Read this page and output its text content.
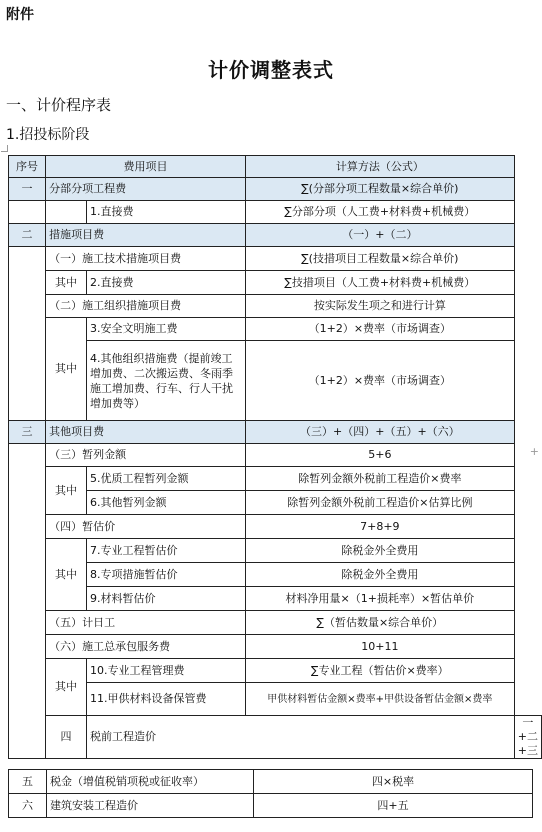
附件
计价调整表式
一、计价程序表
1.招投标阶段
+
序号	费用项目		计算方法（公式）	
一	分部分项工程费		∑(分部分项工程数量×综合单价)	
		1.直接费	∑分部分项（人工费+材料费+机械费）	
二	措施项目费		（一）+（二）	
	（一）施工技术措施项目费		∑(技措项目工程数量×综合单价)	
	其中	2.直接费	∑技措项目（人工费+材料费+机械费）	
	（二）施工组织措施项目费		按实际发生项之和进行计算	
	其中	3.安全文明施工费	（1+2）×费率（市场调查）	
		4.其他组织措施费（提前竣工增加费、二次搬运费、冬雨季施工增加费、行车、行人干扰增加费等）	（1+2）×费率（市场调查）	
三	其他项目费		（三）+（四）+（五）+（六）	
	（三）暂列金额		5+6	
	其中	5.优质工程暂列金额	除暂列金额外税前工程造价×费率	
		6.其他暂列金额	除暂列金额外税前工程造价×估算比例	
	（四）暂估价		7+8+9	
	其中	7.专业工程暂估价	除税金外全费用	
		8.专项措施暂估价	除税金外全费用	
		9.材料暂估价	材料净用量×（1+损耗率）×暂估单价	
	（五）计日工		∑（暂估数量×综合单价）	
	（六）施工总承包服务费		10+11	
	其中	10.专业工程管理费	∑专业工程（暂估价×费率）	
		11.甲供材料设备保管费	甲供材料暂估金额×费率+甲供设备暂估金额×费率	
	四	税前工程造价		一+二+三
五	税金（增值税销项税或征收率）	四×税率
六	建筑安装工程造价	四+五
